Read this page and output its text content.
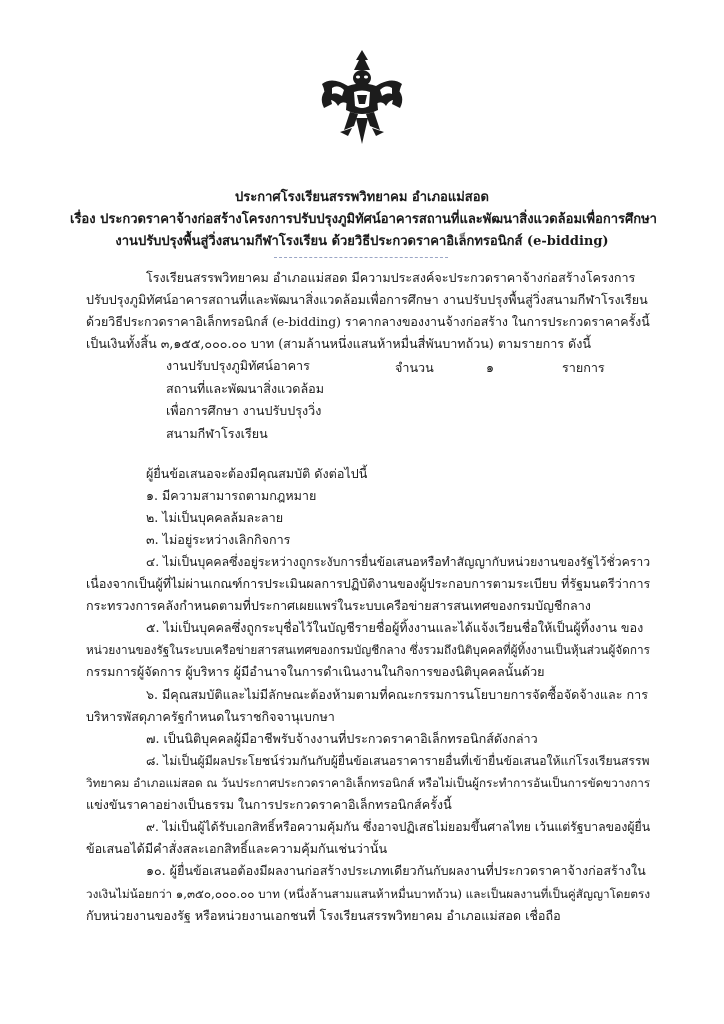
ประกาศโรงเรียนสรรพวิทยาคม อำเภอแม่สอด
เรื่อง ประกวดราคาจ้างก่อสร้างโครงการปรับปรุงภูมิทัศน์อาคารสถานที่และพัฒนาสิ่งแวดล้อมเพื่อการศึกษา
งานปรับปรุงพื้นสู่วิ่งสนามกีฬาโรงเรียน ด้วยวิธีประกวดราคาอิเล็กทรอนิกส์ (e-bidding)
โรงเรียนสรรพวิทยาคม อำเภอแม่สอด มีความประสงค์จะประกวดราคาจ้างก่อสร้างโครงการ
ปรับปรุงภูมิทัศน์อาคารสถานที่และพัฒนาสิ่งแวดล้อมเพื่อการศึกษา งานปรับปรุงพื้นสู่วิ่งสนามกีฬาโรงเรียน
ด้วยวิธีประกวดราคาอิเล็กทรอนิกส์ (e-bidding) ราคากลางของงานจ้างก่อสร้าง ในการประกวดราคาครั้งนี้
เป็นเงินทั้งสิ้น ๓,๑๕๕,๐๐๐.๐๐ บาท (สามล้านหนึ่งแสนห้าหมื่นสี่พันบาทถ้วน) ตามรายการ ดังนี้
งานปรับปรุงภูมิทัศน์อาคาร	จำนวน	๑	รายการ
สถานที่และพัฒนาสิ่งแวดล้อม
เพื่อการศึกษา งานปรับปรุงวิ่ง
สนามกีฬาโรงเรียน
ผู้ยื่นข้อเสนอจะต้องมีคุณสมบัติ ดังต่อไปนี้
๑. มีความสามารถตามกฎหมาย
๒. ไม่เป็นบุคคลล้มละลาย
๓. ไม่อยู่ระหว่างเลิกกิจการ
๔. ไม่เป็นบุคคลซึ่งอยู่ระหว่างถูกระงับการยื่นข้อเสนอหรือทำสัญญากับหน่วยงานของรัฐไว้ชั่วคราว
เนื่องจากเป็นผู้ที่ไม่ผ่านเกณฑ์การประเมินผลการปฏิบัติงานของผู้ประกอบการตามระเบียบ ที่รัฐมนตรีว่าการ
กระทรวงการคลังกำหนดตามที่ประกาศเผยแพร่ในระบบเครือข่ายสารสนเทศของกรมบัญชีกลาง
๕. ไม่เป็นบุคคลซึ่งถูกระบุชื่อไว้ในบัญชีรายชื่อผู้ทิ้งงานและได้แจ้งเวียนชื่อให้เป็นผู้ทิ้งงาน ของ
หน่วยงานของรัฐในระบบเครือข่ายสารสนเทศของกรมบัญชีกลาง ซึ่งรวมถึงนิติบุคคลที่ผู้ทิ้งงานเป็นหุ้นส่วนผู้จัดการ
กรรมการผู้จัดการ ผู้บริหาร ผู้มีอำนาจในการดำเนินงานในกิจการของนิติบุคคลนั้นด้วย
๖. มีคุณสมบัติและไม่มีลักษณะต้องห้ามตามที่คณะกรรมการนโยบายการจัดซื้อจัดจ้างและ การ
บริหารพัสดุภาครัฐกำหนดในราชกิจจานุเบกษา
๗. เป็นนิติบุคคลผู้มีอาชีพรับจ้างงานที่ประกวดราคาอิเล็กทรอนิกส์ดังกล่าว
๘. ไม่เป็นผู้มีผลประโยชน์ร่วมกันกับผู้ยื่นข้อเสนอราคารายอื่นที่เข้ายื่นข้อเสนอให้แก่โรงเรียนสรรพ
วิทยาคม อำเภอแม่สอด ณ วันประกาศประกวดราคาอิเล็กทรอนิกส์ หรือไม่เป็นผู้กระทำการอันเป็นการขัดขวางการ
แข่งขันราคาอย่างเป็นธรรม ในการประกวดราคาอิเล็กทรอนิกส์ครั้งนี้
๙. ไม่เป็นผู้ได้รับเอกสิทธิ์หรือความคุ้มกัน ซึ่งอาจปฏิเสธไม่ยอมขึ้นศาลไทย เว้นแต่รัฐบาลของผู้ยื่น
ข้อเสนอได้มีคำสั่งสละเอกสิทธิ์และความคุ้มกันเช่นว่านั้น
๑๐. ผู้ยื่นข้อเสนอต้องมีผลงานก่อสร้างประเภทเดียวกันกับผลงานที่ประกวดราคาจ้างก่อสร้างใน
วงเงินไม่น้อยกว่า ๑,๓๕๐,๐๐๐.๐๐ บาท (หนึ่งล้านสามแสนห้าหมื่นบาทถ้วน) และเป็นผลงานที่เป็นคู่สัญญาโดยตรง
กับหน่วยงานของรัฐ หรือหน่วยงานเอกชนที่ โรงเรียนสรรพวิทยาคม อำเภอแม่สอด เชื่อถือ
